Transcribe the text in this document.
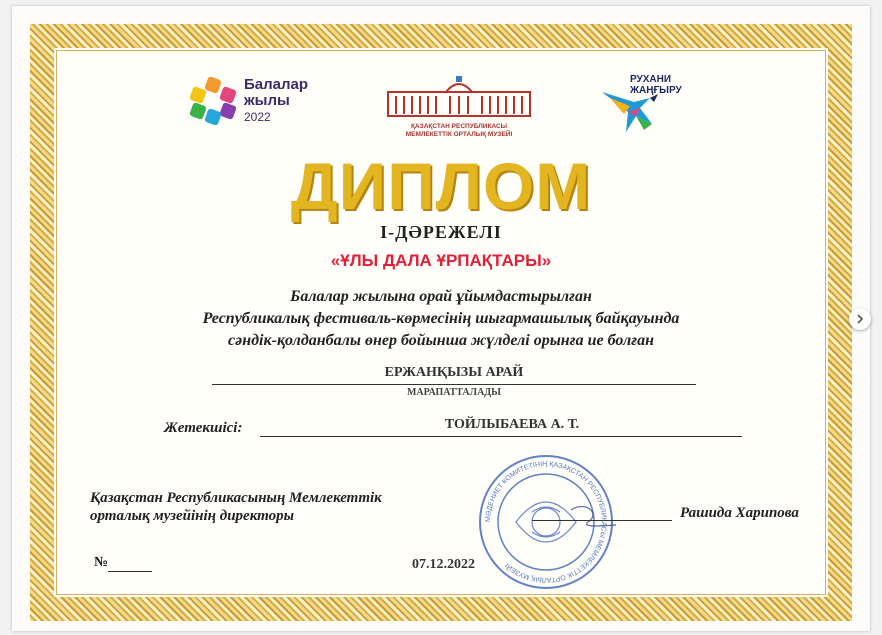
Балалар
жылы
2022
ҚАЗАҚСТАН РЕСПУБЛИКАСЫ
МЕМЛЕКЕТТІК ОРТАЛЫҚ МУЗЕЙІ
РУХАНИ
ЖАҢҒЫРУ
ДИПЛОМ
I-ДӘРЕЖЕЛІ
«ҰЛЫ ДАЛА ҰРПАҚТАРЫ»
Балалар жылына орай ұйымдастырылған
Республикалық фестиваль-көрмесінің шығармашылық байқауында
сәндік-қолданбалы өнер бойынша жүлделі орынға ие болған
ЕРЖАНҚЫЗЫ АРАЙ
МАРАПАТТАЛАДЫ
Жетекшісі:	ТОЙЛЫБАЕВА А. Т.
Қазақстан Республикасының Мемлекеттік
орталық музейінің директоры	МӘДЕНИЕТ КОМИТЕТІНІҢ ҚАЗАҚСТАН РЕСПУБЛИКАСЫ МЕМЛЕКЕТТІК ОРТАЛЫҚ МУЗЕЙІ
Рашида Харипова
№	07.12.2022
